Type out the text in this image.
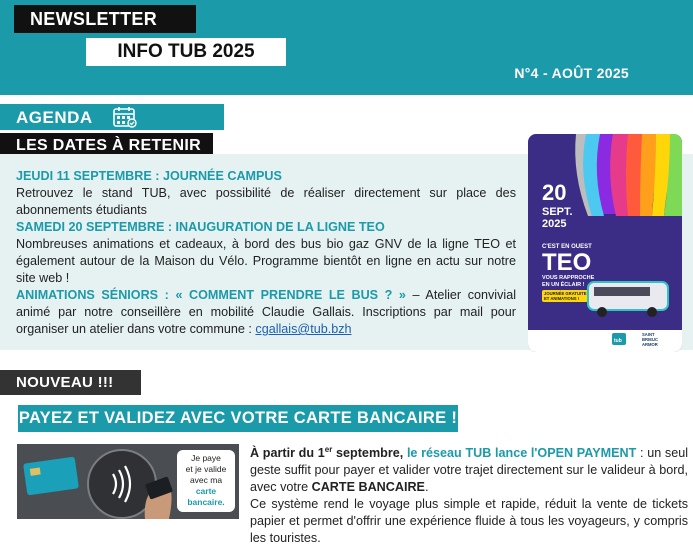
NEWSLETTER
INFO TUB 2025
N°4 - AOÛT 2025
AGENDA
LES DATES À RETENIR

JEUDI 11 SEPTEMBRE : JOURNÉE CAMPUS

Retrouvez le stand TUB, avec possibilité de réaliser directement sur place des abonnements étudiants

SAMEDI 20 SEPTEMBRE : INAUGURATION DE LA LIGNE TEO

Nombreuses animations et cadeaux, à bord des bus bio gaz GNV de la ligne TEO et également autour de la Maison du Vélo. Programme bientôt en ligne en actu sur notre site web !

ANIMATIONS SÉNIORS : « COMMENT PRENDRE LE BUS ? » – Atelier convivial animé par notre conseillère en mobilité Claudie Gallais. Inscriptions par mail pour organiser un atelier dans votre commune : cgallais@tub.bzh

20
SEPT.
2025
C'EST EN OUEST
TEO
VOUS RAPPROCHE
EN UN ÉCLAIR !
JOURNÉE GRATUITE
ET ANIMATIONS !
tub
SAINT
BRIEUC
ARMOR
NOUVEAU !!!
PAYEZ ET VALIDEZ AVEC VOTRE CARTE BANCAIRE !
Je paye
et je valide
avec ma
carte
bancaire.

À partir du 1er septembre, le réseau TUB lance l'OPEN PAYMENT : un seul geste suffit pour payer et valider votre trajet directement sur le valideur à bord, avec votre CARTE BANCAIRE.

Ce système rend le voyage plus simple et rapide, réduit la vente de tickets papier et permet d'offrir une expérience fluide à tous les voyageurs, y compris les touristes.
